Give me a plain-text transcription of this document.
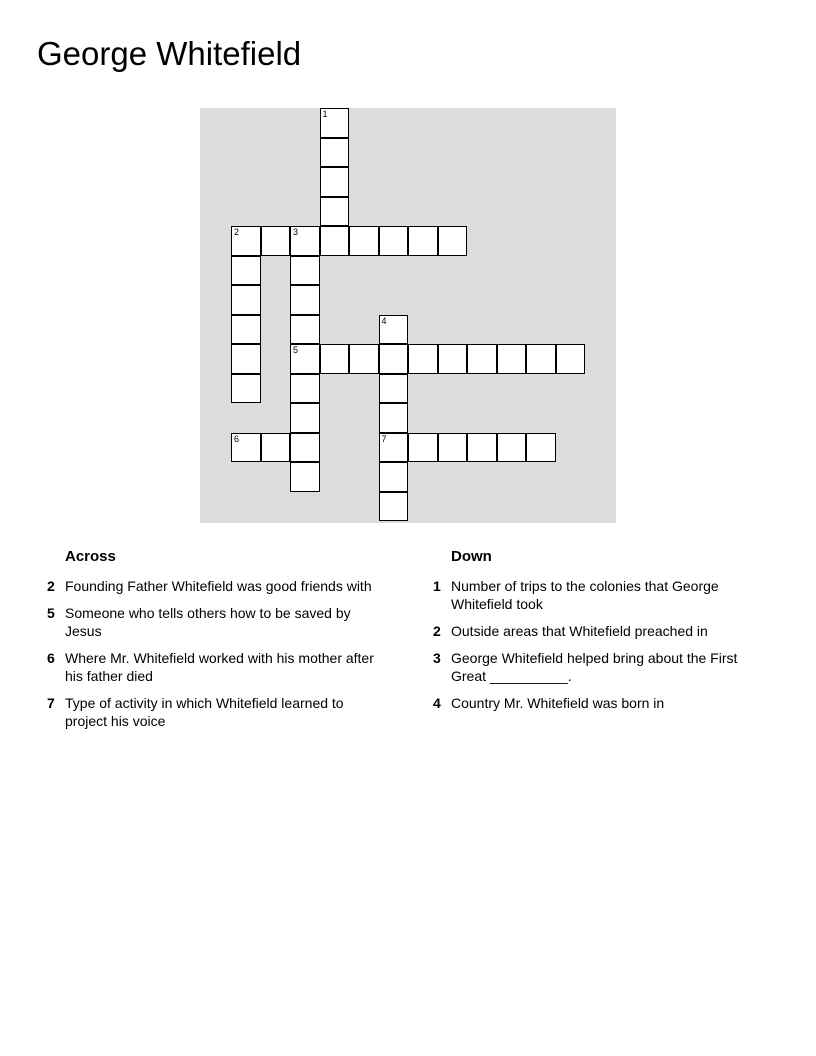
George Whitefield
1
2	3
4
5
6	7
Across
2 Founding Father Whitefield was good friends with
5 Someone who tells others how to be saved by Jesus
6 Where Mr. Whitefield worked with his mother after his father died
7 Type of activity in which Whitefield learned to project his voice
Down
1 Number of trips to the colonies that George Whitefield took
2 Outside areas that Whitefield preached in
3 George Whitefield helped bring about the First Great __________.
4 Country Mr. Whitefield was born in
